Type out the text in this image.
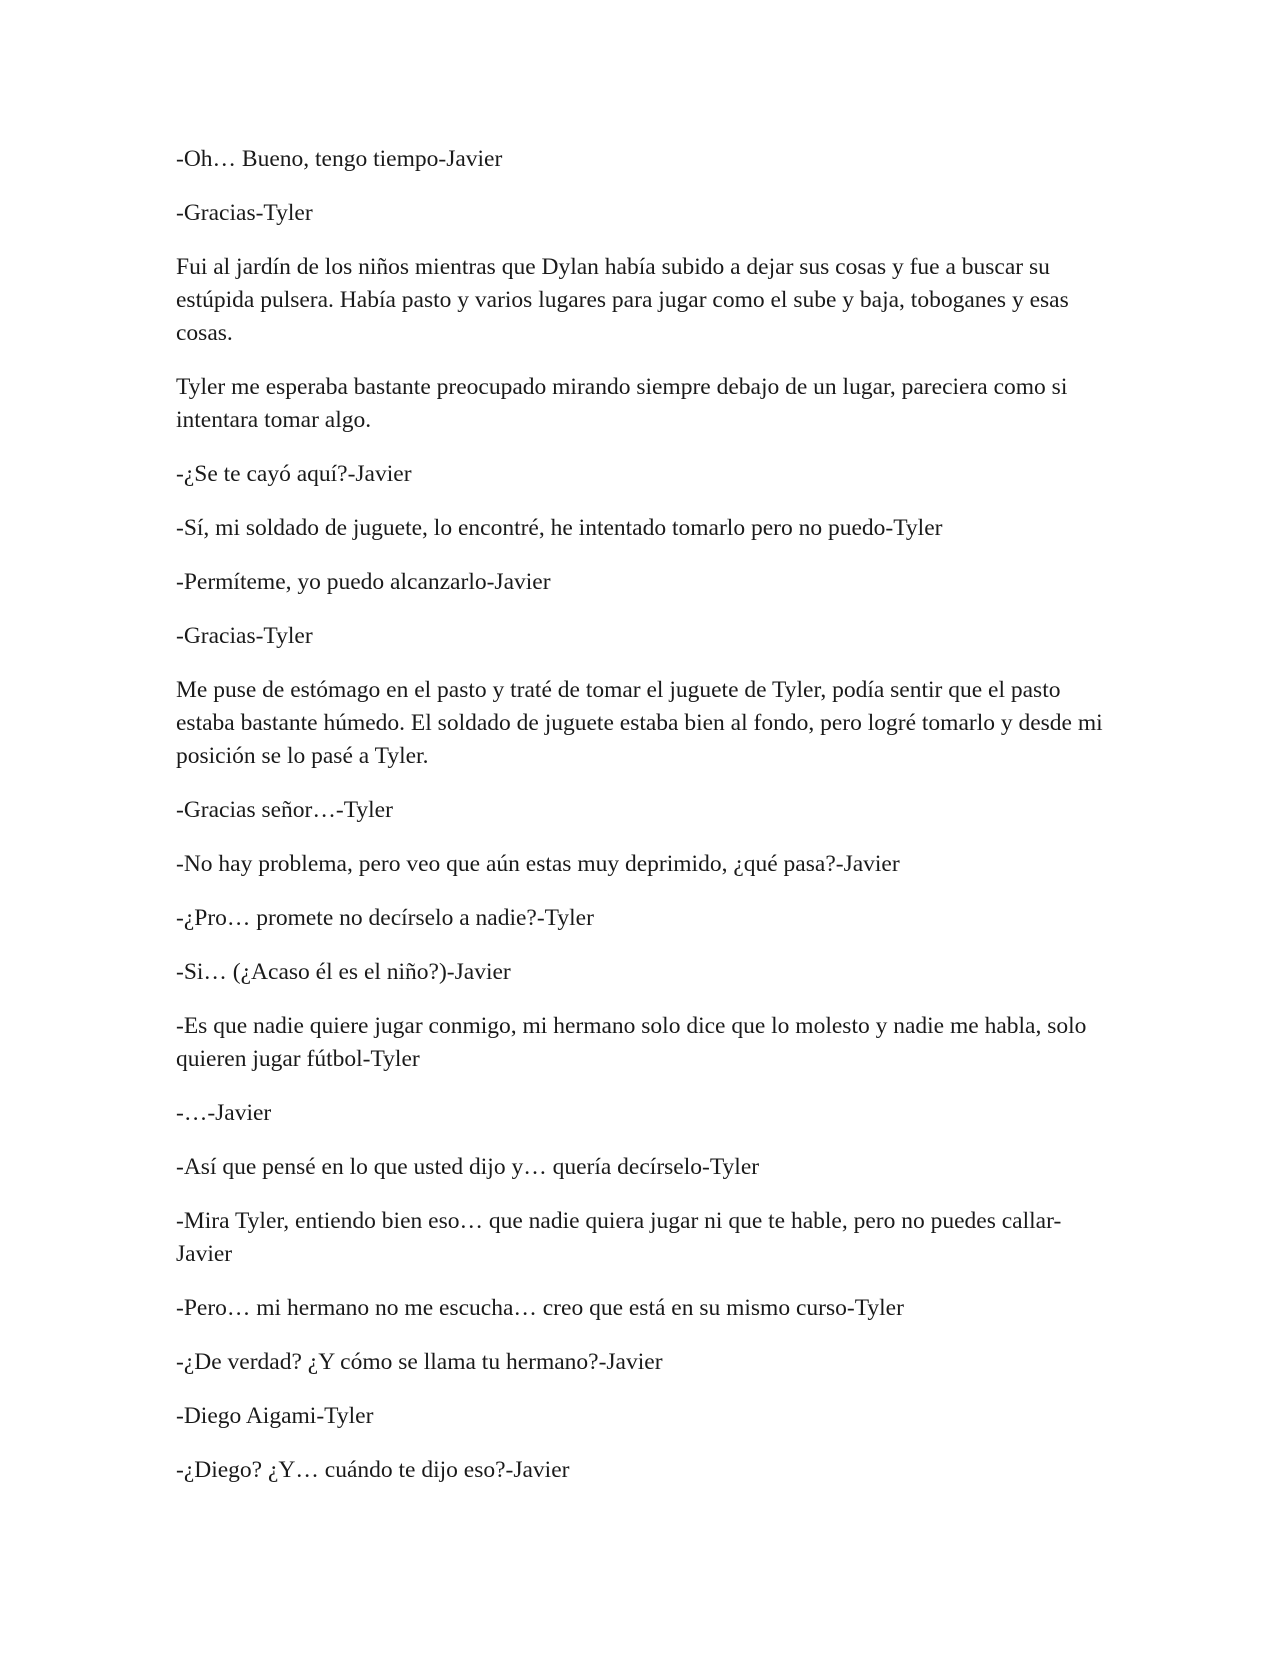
-Oh… Bueno, tengo tiempo-Javier

-Gracias-Tyler

Fui al jardín de los niños mientras que Dylan había subido a dejar sus cosas y fue a buscar su estúpida pulsera. Había pasto y varios lugares para jugar como el sube y baja, toboganes y esas cosas.

Tyler me esperaba bastante preocupado mirando siempre debajo de un lugar, pareciera como si intentara tomar algo.

-¿Se te cayó aquí?-Javier

-Sí, mi soldado de juguete, lo encontré, he intentado tomarlo pero no puedo-Tyler

-Permíteme, yo puedo alcanzarlo-Javier

-Gracias-Tyler

Me puse de estómago en el pasto y traté de tomar el juguete de Tyler, podía sentir que el pasto estaba bastante húmedo. El soldado de juguete estaba bien al fondo, pero logré tomarlo y desde mi posición se lo pasé a Tyler.

-Gracias señor…-Tyler

-No hay problema, pero veo que aún estas muy deprimido, ¿qué pasa?-Javier

-¿Pro… promete no decírselo a nadie?-Tyler

-Si… (¿Acaso él es el niño?)-Javier

-Es que nadie quiere jugar conmigo, mi hermano solo dice que lo molesto y nadie me habla, solo quieren jugar fútbol-Tyler

-…-Javier

-Así que pensé en lo que usted dijo y… quería decírselo-Tyler

-Mira Tyler, entiendo bien eso… que nadie quiera jugar ni que te hable, pero no puedes callar-Javier

-Pero… mi hermano no me escucha… creo que está en su mismo curso-Tyler

-¿De verdad? ¿Y cómo se llama tu hermano?-Javier

-Diego Aigami-Tyler

-¿Diego? ¿Y… cuándo te dijo eso?-Javier
